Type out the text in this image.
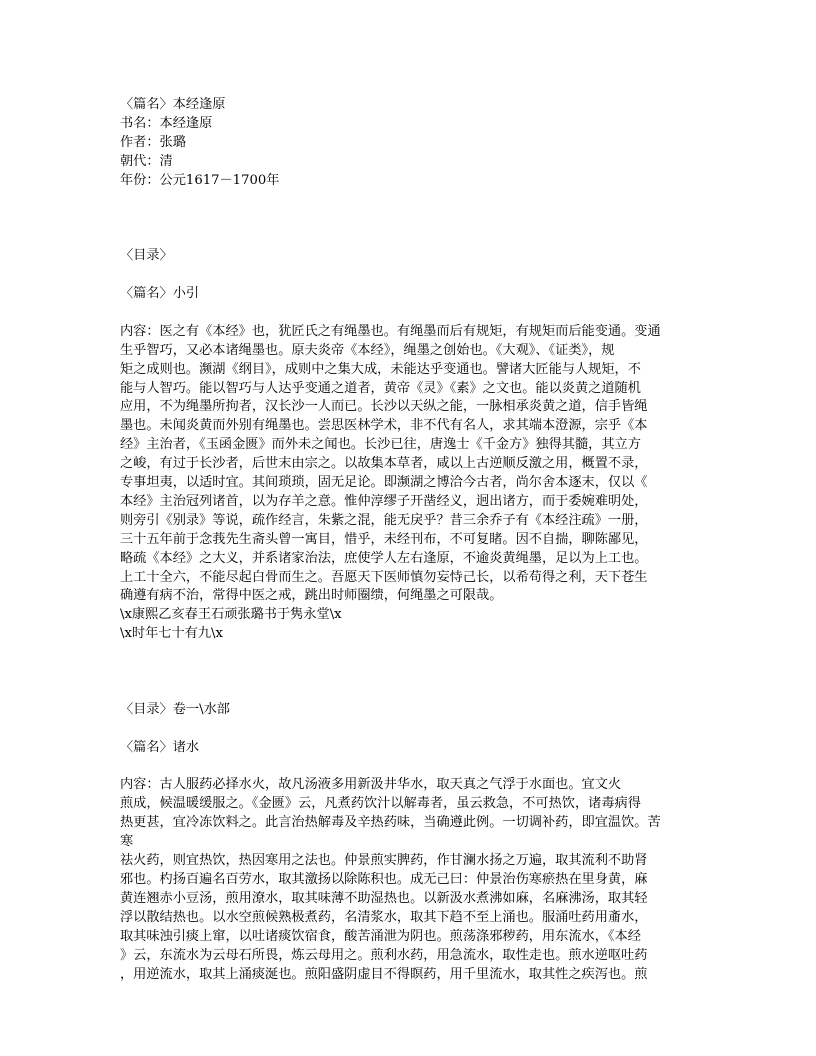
〈篇名〉本经逢原
书名：本经逢原
作者：张璐
朝代：清
年份：公元1617－1700年
〈目录〉
〈篇名〉小引
内容：医之有《本经》也，犹匠氏之有绳墨也。有绳墨而后有规矩，有规矩而后能变通。变通
生乎智巧，又必本诸绳墨也。原夫炎帝《本经》，绳墨之创始也。《大观》、《证类》，规
矩之成则也。濒湖《纲目》，成则中之集大成，未能达乎变通也。譬诸大匠能与人规矩，不
能与人智巧。能以智巧与人达乎变通之道者，黄帝《灵》《素》之文也。能以炎黄之道随机
应用，不为绳墨所拘者，汉长沙一人而已。长沙以天纵之能，一脉相承炎黄之道，信手皆绳
墨也。未闻炎黄而外别有绳墨也。尝思医林学术，非不代有名人，求其端本澄源，宗乎《本
经》主治者，《玉函金匮》而外未之闻也。长沙已往，唐逸士《千金方》独得其髓，其立方
之峻，有过于长沙者，后世末由宗之。以故集本草者，咸以上古逆顺反激之用，概置不录，
专事坦夷，以适时宜。其间琐琐，固无足论。即濒湖之博洽今古者，尚尔舍本逐末，仅以《
本经》主治冠列诸首，以为存羊之意。惟仲淳缪子开凿经义，迥出诸方，而于委婉难明处，
则旁引《别录》等说，疏作经言，朱紫之混，能无戾乎？昔三余乔子有《本经注疏》一册，
三十五年前于念莪先生斋头曾一寓目，惜乎，未经刊布，不可复睹。因不自揣，聊陈鄙见，
略疏《本经》之大义，并系诸家治法，庶使学人左右逢原，不逾炎黄绳墨，足以为上工也。
上工十全六，不能尽起白骨而生之。吾愿天下医师慎勿妄恃己长，以希苟得之利，天下苍生
确遵有病不治，常得中医之戒，跳出时师圈缋，何绳墨之可限哉。
\x康熙乙亥春王石顽张璐书于隽永堂\x
\x时年七十有九\x
〈目录〉卷一\水部
〈篇名〉诸水
内容：古人服药必择水火，故凡汤液多用新汲井华水，取天真之气浮于水面也。宜文火
煎成，候温暖缓服之。《金匮》云，凡煮药饮汁以解毒者，虽云救急，不可热饮，诸毒病得
热更甚，宜冷冻饮料之。此言治热解毒及辛热药味，当确遵此例。一切调补药，即宜温饮。苦
寒
祛火药，则宜热饮，热因寒用之法也。仲景煎实脾药，作甘澜水扬之万遍，取其流利不助肾
邪也。杓扬百遍名百劳水，取其激扬以除陈积也。成无己曰：仲景治伤寒瘀热在里身黄，麻
黄连翘赤小豆汤，煎用潦水，取其味薄不助湿热也。以新汲水煮沸如麻，名麻沸汤，取其轻
浮以散结热也。以水空煎候熟极煮药，名清浆水，取其下趋不至上涌也。服涌吐药用齑水，
取其味浊引痰上窜，以吐诸痰饮宿食，酸苦涌泄为阴也。煎荡涤邪秽药，用东流水，《本经
》云，东流水为云母石所畏，炼云母用之。煎利水药，用急流水，取性走也。煎水逆呕吐药
，用逆流水，取其上涌痰涎也。煎阳盛阴虚目不得瞑药，用千里流水，取其性之疾泻也。煎
